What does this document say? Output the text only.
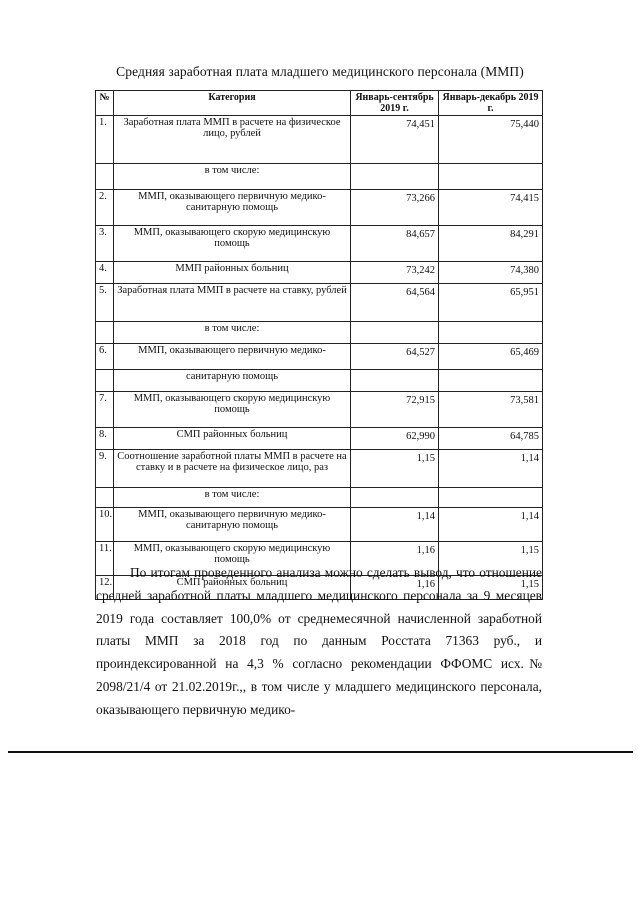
Средняя заработная плата младшего медицинского персонала (ММП)
№	Категория	Январь-сентябрь 2019 г.	Январь-декабрь 2019 г.
1.	Заработная плата ММП в расчете на физическое лицо, рублей	74,451	75,440
	в том числе:		
2.	ММП, оказывающего первичную медико-санитарную помощь	73,266	74,415
3.	ММП, оказывающего скорую медицинскую помощь	84,657	84,291
4.	ММП районных больниц	73,242	74,380
5.	Заработная плата ММП в расчете на ставку, рублей	64,564	65,951
	в том числе:		
6.	ММП, оказывающего первичную медико-	64,527	65,469
	санитарную помощь		
7.	ММП, оказывающего скорую медицинскую помощь	72,915	73,581
8.	СМП районных больниц	62,990	64,785
9.	Соотношение заработной платы ММП в расчете на ставку и в расчете на физическое лицо, раз	1,15	1,14
	в том числе:		
10.	ММП, оказывающего первичную медико-санитарную помощь	1,14	1,14
11.	ММП, оказывающего скорую медицинскую помощь	1,16	1,15
12.	СМП районных больниц	1,16	1,15

По итогам проведенного анализа можно сделать вывод, что отношение средней заработной платы младшего медицинского персонала за 9 месяцев 2019 года составляет 100,0% от среднемесячной начисленной заработной платы ММП за 2018 год по данным Росстата 71363 руб., и проиндексированной на 4,3 % согласно рекомендации ФФОМС исх.№ 2098/21/4 от 21.02.2019г.,, в том числе у младшего медицинского персонала, оказывающего первичную медико-
